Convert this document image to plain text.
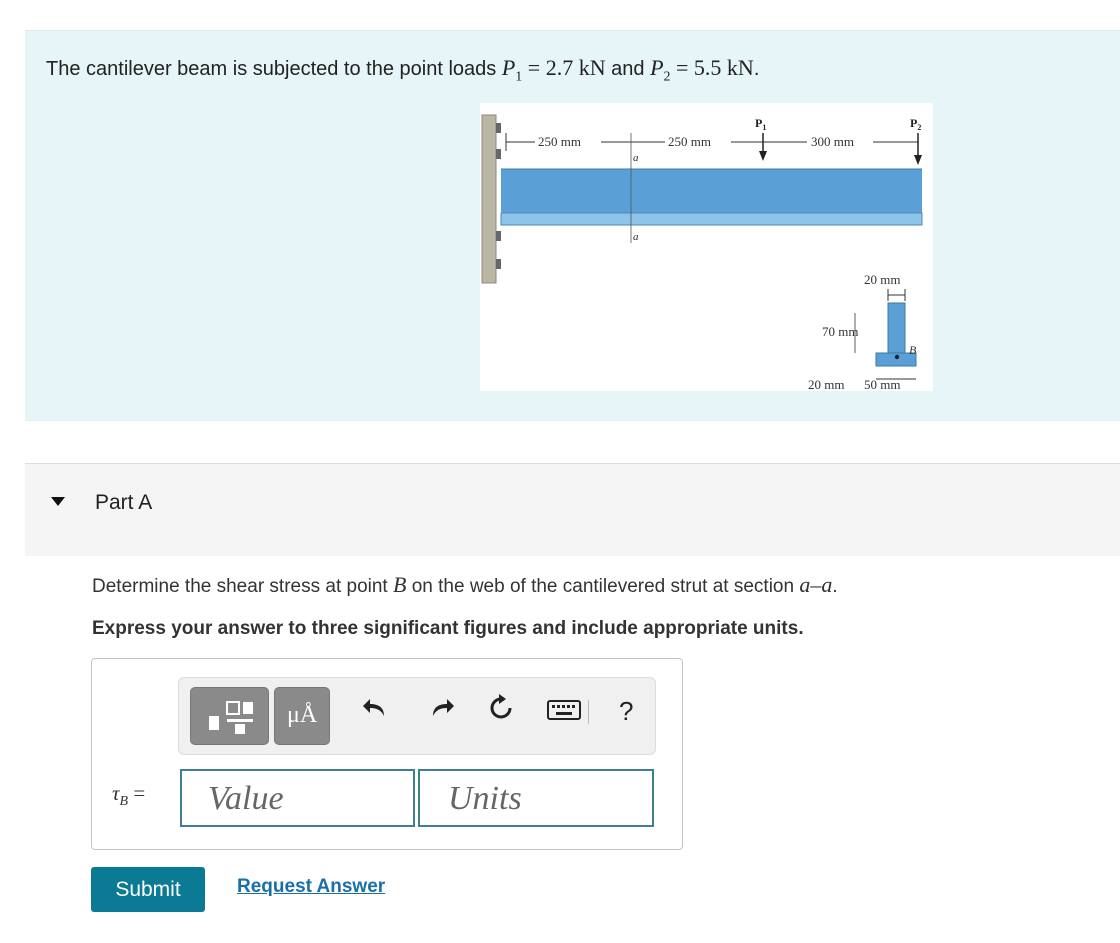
The cantilever beam is subjected to the point loads $P_1 = 2.7$ kN and $P_2 = 5.5$ kN.
250 mm	250 mm	300 mm
a
a
$P_1$	$P_2$
20 mm
70 mm
B
20 mm 50 mm
Part A
Determine the shear stress at point B on the web of the cantilevered strut at section a–a.
Express your answer to three significant figures and include appropriate units.
μÅ	?
$\tau_B$ = Value	Units
Submit	Request Answer
